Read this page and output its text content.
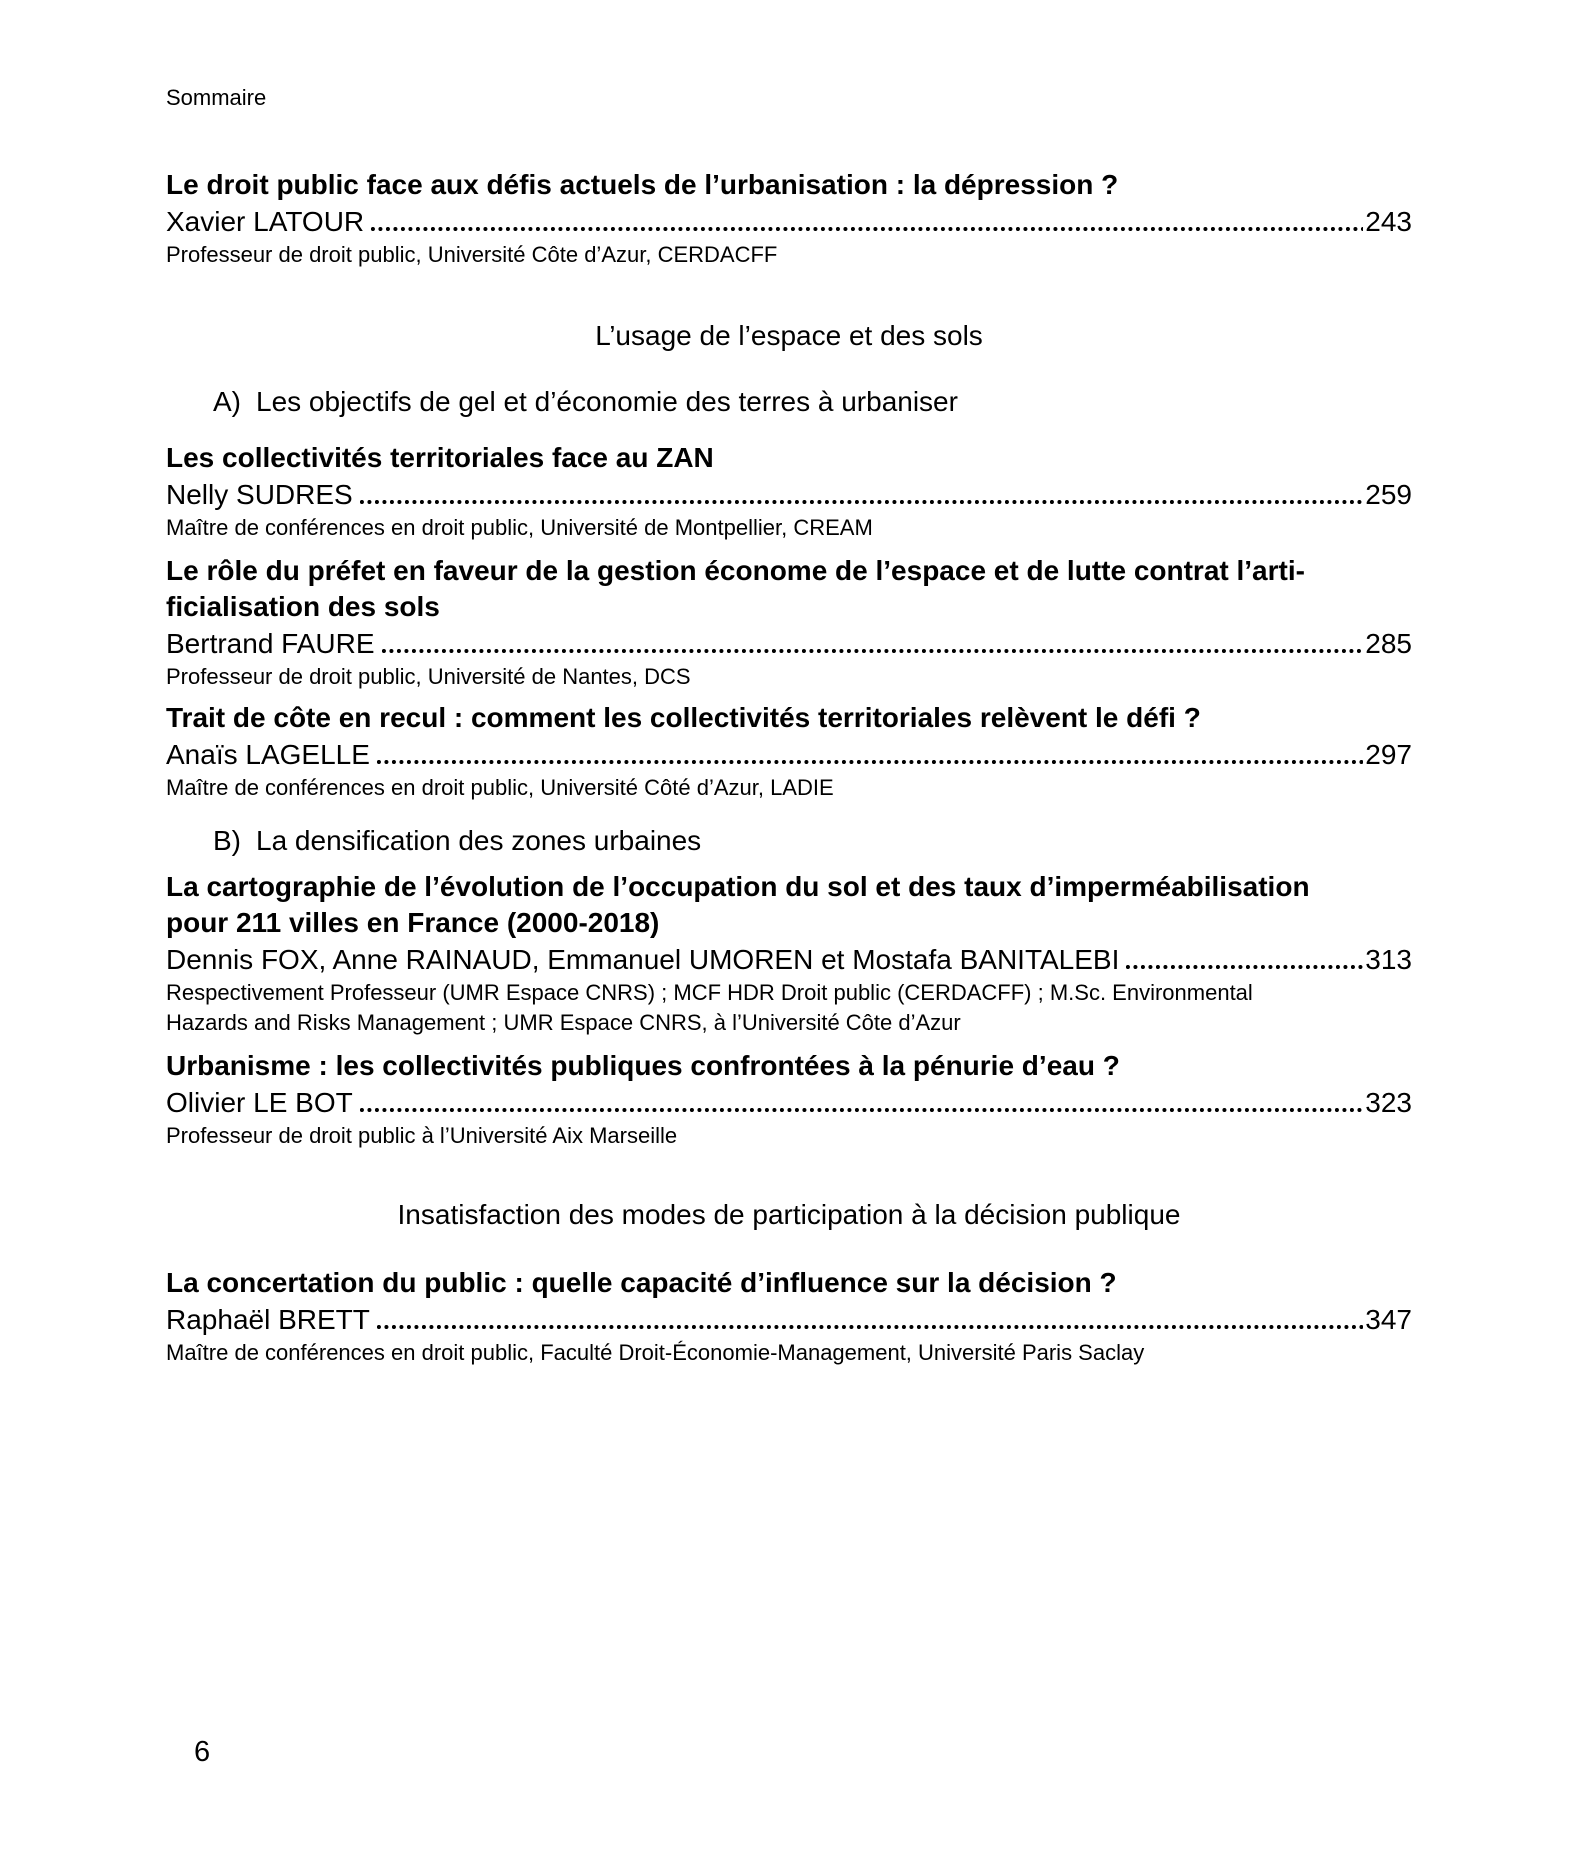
Sommaire
Le droit public face aux défis actuels de l’urbanisation : la dépression ?
Xavier LATOUR	243
Professeur de droit public, Université Côte d’Azur, CERDACFF
L’usage de l’espace et des sols
A) Les objectifs de gel et d’économie des terres à urbaniser
Les collectivités territoriales face au ZAN
Nelly SUDRES	259
Maître de conférences en droit public, Université de Montpellier, CREAM
Le rôle du préfet en faveur de la gestion économe de l’espace et de lutte contrat l’arti-
ficialisation des sols
Bertrand FAURE	285
Professeur de droit public, Université de Nantes, DCS
Trait de côte en recul : comment les collectivités territoriales relèvent le défi ?
Anaïs LAGELLE	297
Maître de conférences en droit public, Université Côté d’Azur, LADIE
B) La densification des zones urbaines
La cartographie de l’évolution de l’occupation du sol et des taux d’imperméabilisation
pour 211 villes en France (2000-2018)
Dennis FOX, Anne RAINAUD, Emmanuel UMOREN et Mostafa BANITALEBI	313
Respectivement Professeur (UMR Espace CNRS) ; MCF HDR Droit public (CERDACFF) ; M.Sc. Environmental
Hazards and Risks Management ; UMR Espace CNRS, à l’Université Côte d’Azur
Urbanisme : les collectivités publiques confrontées à la pénurie d’eau ?
Olivier LE BOT	323
Professeur de droit public à l’Université Aix Marseille
Insatisfaction des modes de participation à la décision publique
La concertation du public : quelle capacité d’influence sur la décision ?
Raphaël BRETT	347
Maître de conférences en droit public, Faculté Droit-Économie-Management, Université Paris Saclay
6
